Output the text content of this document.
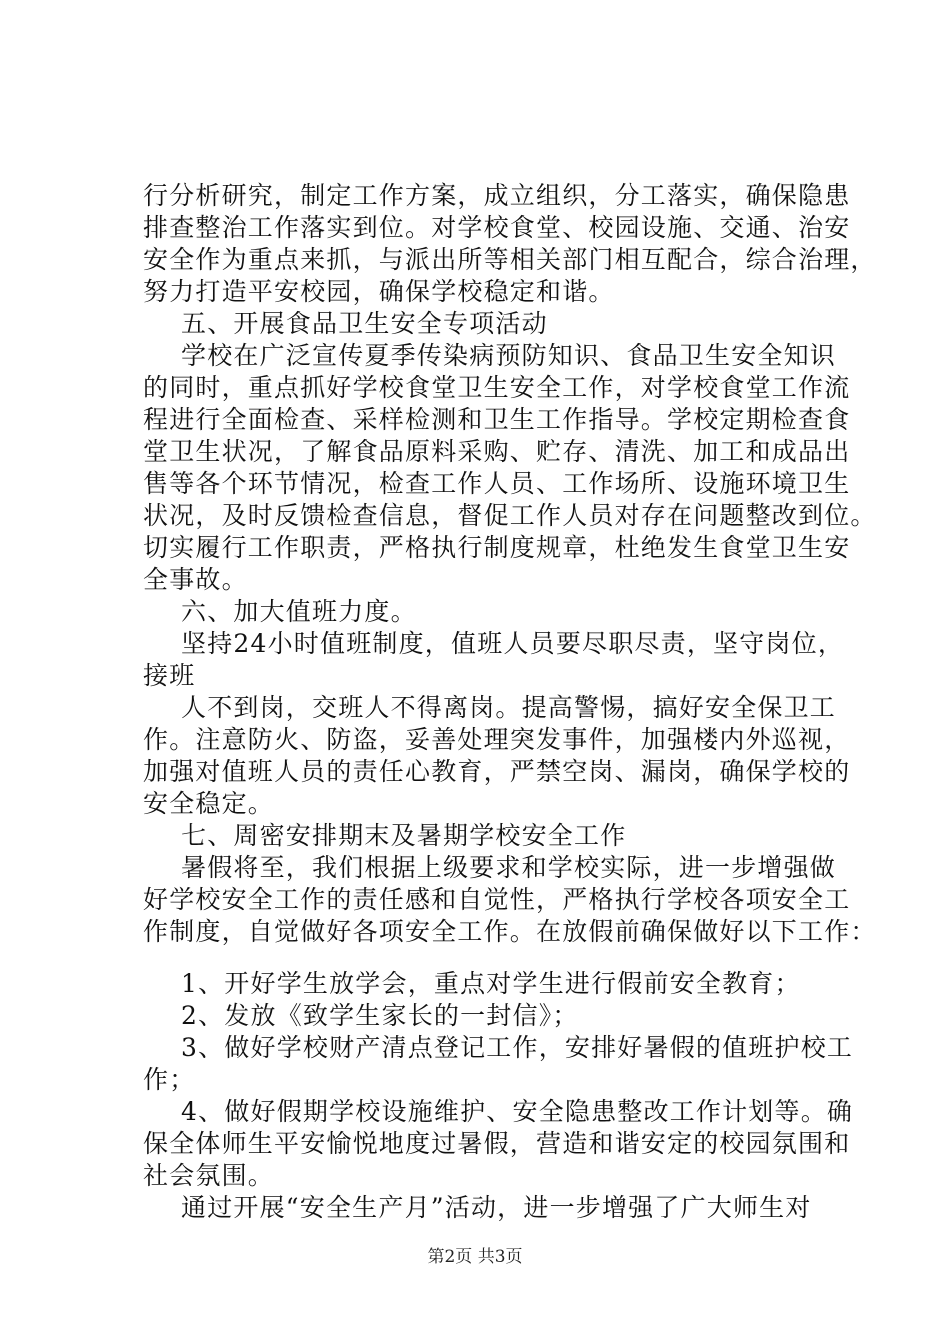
行分析研究，制定工作方案，成立组织，分工落实，确保隐患
排查整治工作落实到位。对学校食堂、校园设施、交通、治安
安全作为重点来抓，与派出所等相关部门相互配合，综合治理，
努力打造平安校园，确保学校稳定和谐。
五、开展食品卫生安全专项活动
学校在广泛宣传夏季传染病预防知识、食品卫生安全知识
的同时，重点抓好学校食堂卫生安全工作，对学校食堂工作流
程进行全面检查、采样检测和卫生工作指导。学校定期检查食
堂卫生状况，了解食品原料采购、贮存、清洗、加工和成品出
售等各个环节情况，检查工作人员、工作场所、设施环境卫生
状况，及时反馈检查信息，督促工作人员对存在问题整改到位。
切实履行工作职责，严格执行制度规章，杜绝发生食堂卫生安
全事故。
六、加大值班力度。
坚持24小时值班制度，值班人员要尽职尽责，坚守岗位，
接班
人不到岗，交班人不得离岗。提高警惕，搞好安全保卫工
作。注意防火、防盗，妥善处理突发事件，加强楼内外巡视，
加强对值班人员的责任心教育，严禁空岗、漏岗，确保学校的
安全稳定。
七、周密安排期末及暑期学校安全工作
暑假将至，我们根据上级要求和学校实际，进一步增强做
好学校安全工作的责任感和自觉性，严格执行学校各项安全工
作制度，自觉做好各项安全工作。在放假前确保做好以下工作：
1、开好学生放学会，重点对学生进行假前安全教育；
2、发放《致学生家长的一封信》；
3、做好学校财产清点登记工作，安排好暑假的值班护校工
作；
4、做好假期学校设施维护、安全隐患整改工作计划等。确
保全体师生平安愉悦地度过暑假，营造和谐安定的校园氛围和
社会氛围。
通过开展“安全生产月”活动，进一步增强了广大师生对
第2页 共3页
